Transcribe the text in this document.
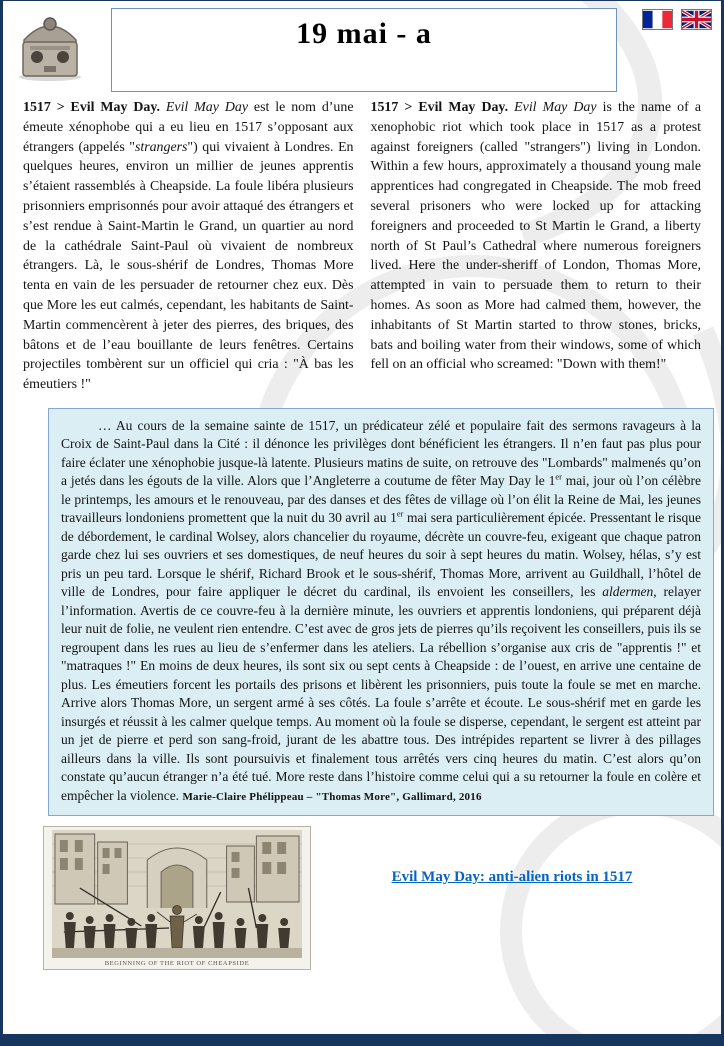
19 mai - a

1517 > Evil May Day. Evil May Day est le nom d’une émeute xénophobe qui a eu lieu en 1517 s’opposant aux étrangers (appelés "strangers") qui vivaient à Londres. En quelques heures, environ un millier de jeunes apprentis s’étaient rassemblés à Cheapside. La foule libéra plusieurs prisonniers emprisonnés pour avoir attaqué des étrangers et s’est rendue à Saint-Martin le Grand, un quartier au nord de la cathédrale Saint-Paul où vivaient de nombreux étrangers. Là, le sous-shérif de Londres, Thomas More tenta en vain de les persuader de retourner chez eux. Dès que More les eut calmés, cependant, les habitants de Saint-Martin commencèrent à jeter des pierres, des briques, des bâtons et de l’eau bouillante de leurs fenêtres. Certains projectiles tombèrent sur un officiel qui cria : "À bas les émeutiers !"

1517 > Evil May Day. Evil May Day is the name of a xenophobic riot which took place in 1517 as a protest against foreigners (called "strangers") living in London. Within a few hours, approximately a thousand young male apprentices had congregated in Cheapside. The mob freed several prisoners who were locked up for attacking foreigners and proceeded to St Martin le Grand, a liberty north of St Paul’s Cathedral where numerous foreigners lived. Here the under-sheriff of London, Thomas More, attempted in vain to persuade them to return to their homes. As soon as More had calmed them, however, the inhabitants of St Martin started to throw stones, bricks, bats and boiling water from their windows, some of which fell on an official who screamed: "Down with them!"

… Au cours de la semaine sainte de 1517, un prédicateur zélé et populaire fait des sermons ravageurs à la Croix de Saint-Paul dans la Cité : il dénonce les privilèges dont bénéficient les étrangers. Il n’en faut pas plus pour faire éclater une xénophobie jusque-là latente. Plusieurs matins de suite, on retrouve des "Lombards" malmenés qu’on a jetés dans les égouts de la ville. Alors que l’Angleterre a coutume de fêter May Day le 1er mai, jour où l’on célèbre le printemps, les amours et le renouveau, par des danses et des fêtes de village où l’on élit la Reine de Mai, les jeunes travailleurs londoniens promettent que la nuit du 30 avril au 1er mai sera particulièrement épicée. Pressentant le risque de débordement, le cardinal Wolsey, alors chancelier du royaume, décrète un couvre-feu, exigeant que chaque patron garde chez lui ses ouvriers et ses domestiques, de neuf heures du soir à sept heures du matin. Wolsey, hélas, s’y est pris un peu tard. Lorsque le shérif, Richard Brook et le sous-shérif, Thomas More, arrivent au Guildhall, l’hôtel de ville de Londres, pour faire appliquer le décret du cardinal, ils envoient les conseillers, les aldermen, relayer l’information. Avertis de ce couvre-feu à la dernière minute, les ouvriers et apprentis londoniens, qui préparent déjà leur nuit de folie, ne veulent rien entendre. C’est avec de gros jets de pierres qu’ils reçoivent les conseillers, puis ils se regroupent dans les rues au lieu de s’enfermer dans les ateliers. La rébellion s’organise aux cris de "apprentis !" et "matraques !" En moins de deux heures, ils sont six ou sept cents à Cheapside : de l’ouest, en arrive une centaine de plus. Les émeutiers forcent les portails des prisons et libèrent les prisonniers, puis toute la foule se met en marche. Arrive alors Thomas More, un sergent armé à ses côtés. La foule s’arrête et écoute. Le sous-shérif met en garde les insurgés et réussit à les calmer quelque temps. Au moment où la foule se disperse, cependant, le sergent est atteint par un jet de pierre et perd son sang-froid, jurant de les abattre tous. Des intrépides repartent se livrer à des pillages ailleurs dans la ville. Ils sont poursuivis et finalement tous arrêtés vers cinq heures du matin. C’est alors qu’on constate qu’aucun étranger n’a été tué. More reste dans l’histoire comme celui qui a su retourner la foule en colère et empêcher la violence. Marie-Claire Phélippeau – "Thomas More", Gallimard, 2016

BEGINNING OF THE RIOT OF CHEAPSIDE
Evil May Day: anti-alien riots in 1517
